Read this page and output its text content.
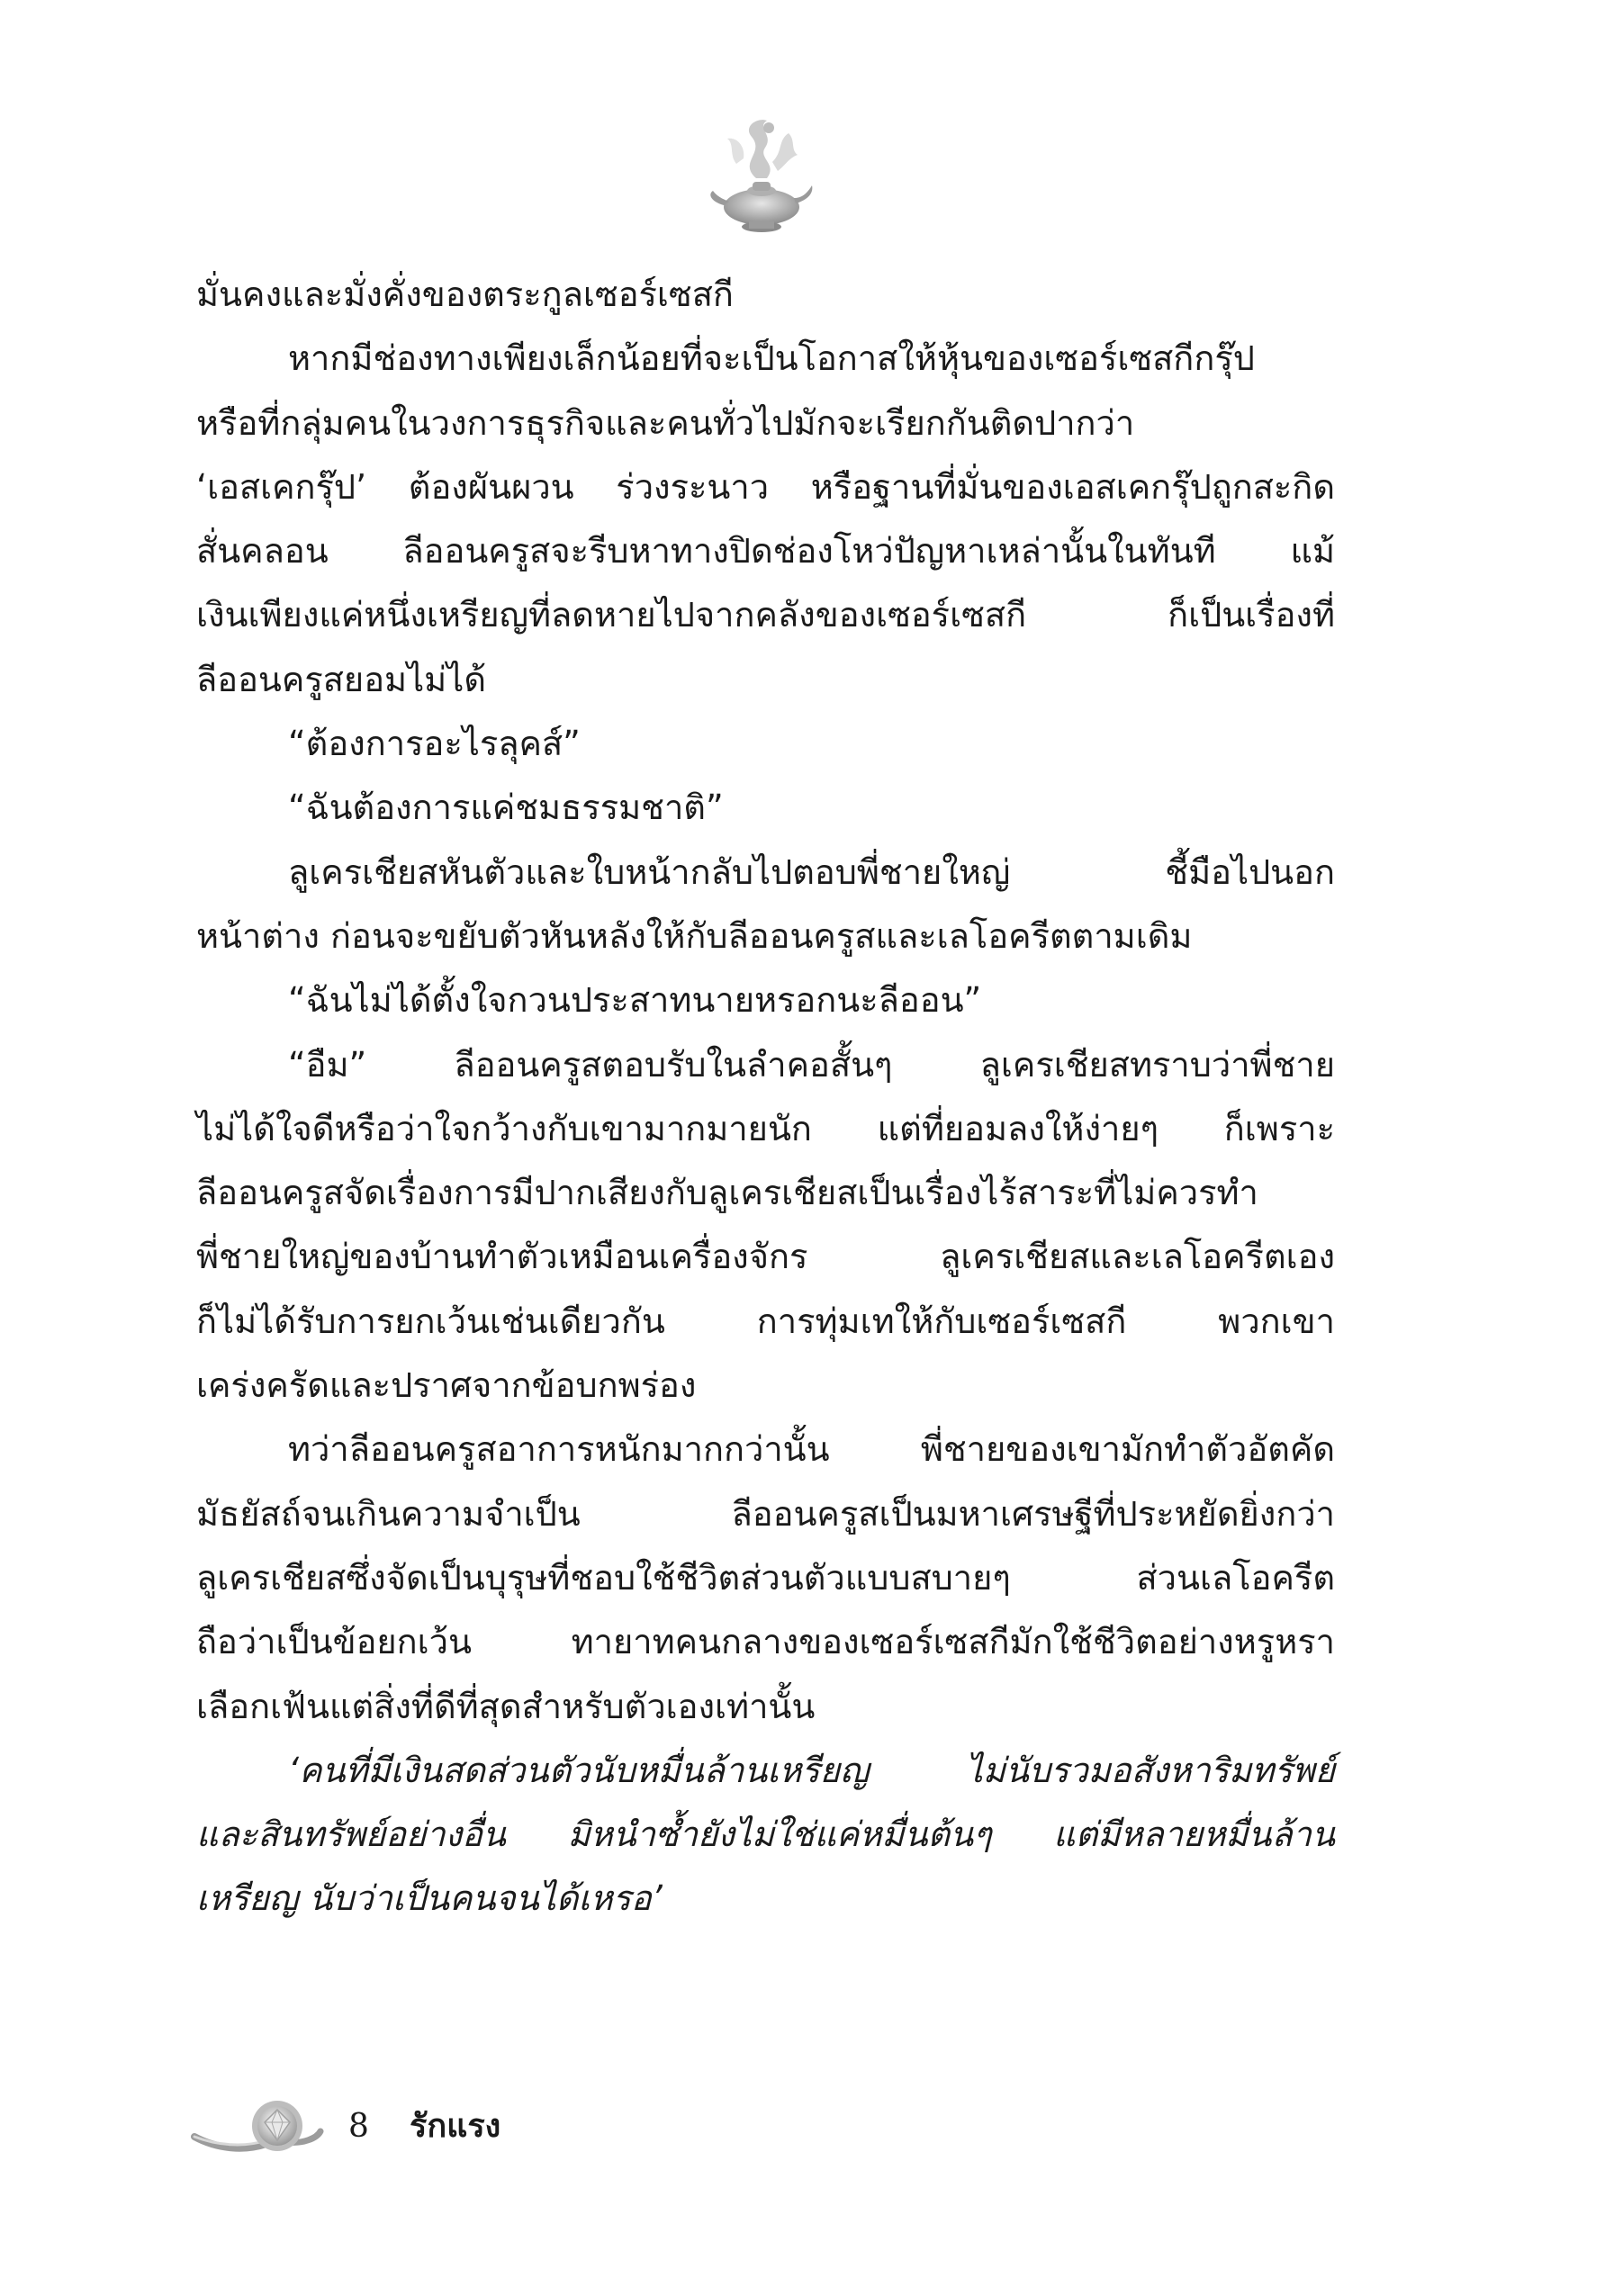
มั่นคงและมั่งคั่งของตระกูลเซอร์เซสกี
หากมีช่องทางเพียงเล็กน้อยที่จะเป็นโอกาสให้หุ้นของเซอร์เซสกีกรุ๊ป
หรือที่กลุ่มคนในวงการธุรกิจและคนทั่วไปมักจะเรียกกันติดปากว่า
‘เอสเคกรุ๊ป’ ต้องผันผวน ร่วงระนาว หรือฐานที่มั่นของเอสเคกรุ๊ปถูกสะกิด
สั่นคลอน ลีออนครูสจะรีบหาทางปิดช่องโหว่ปัญหาเหล่านั้นในทันที แม้
เงินเพียงแค่หนึ่งเหรียญที่ลดหายไปจากคลังของเซอร์เซสกี ก็เป็นเรื่องที่
ลีออนครูสยอมไม่ได้
“ต้องการอะไรลุคส์”
“ฉันต้องการแค่ชมธรรมชาติ”
ลูเครเชียสหันตัวและใบหน้ากลับไปตอบพี่ชายใหญ่ ชี้มือไปนอก
หน้าต่าง ก่อนจะขยับตัวหันหลังให้กับลีออนครูสและเลโอครีตตามเดิม
“ฉันไม่ได้ตั้งใจกวนประสาทนายหรอกนะลีออน”
“อืม” ลีออนครูสตอบรับในลำคอสั้นๆ ลูเครเชียสทราบว่าพี่ชาย
ไม่ได้ใจดีหรือว่าใจกว้างกับเขามากมายนัก แต่ที่ยอมลงให้ง่ายๆ ก็เพราะ
ลีออนครูสจัดเรื่องการมีปากเสียงกับลูเครเชียสเป็นเรื่องไร้สาระที่ไม่ควรทำ
พี่ชายใหญ่ของบ้านทำตัวเหมือนเครื่องจักร ลูเครเชียสและเลโอครีตเอง
ก็ไม่ได้รับการยกเว้นเช่นเดียวกัน การทุ่มเทให้กับเซอร์เซสกี พวกเขา
เคร่งครัดและปราศจากข้อบกพร่อง
ทว่าลีออนครูสอาการหนักมากกว่านั้น พี่ชายของเขามักทำตัวอัตคัด
มัธยัสถ์จนเกินความจำเป็น ลีออนครูสเป็นมหาเศรษฐีที่ประหยัดยิ่งกว่า
ลูเครเชียสซึ่งจัดเป็นบุรุษที่ชอบใช้ชีวิตส่วนตัวแบบสบายๆ ส่วนเลโอครีต
ถือว่าเป็นข้อยกเว้น ทายาทคนกลางของเซอร์เซสกีมักใช้ชีวิตอย่างหรูหรา
เลือกเฟ้นแต่สิ่งที่ดีที่สุดสำหรับตัวเองเท่านั้น
‘คนที่มีเงินสดส่วนตัวนับหมื่นล้านเหรียญ ไม่นับรวมอสังหาริมทรัพย์
และสินทรัพย์อย่างอื่น มิหนำซ้ำยังไม่ใช่แค่หมื่นต้นๆ แต่มีหลายหมื่นล้าน
เหรียญ นับว่าเป็นคนจนได้เหรอ’
8 รักแรง
